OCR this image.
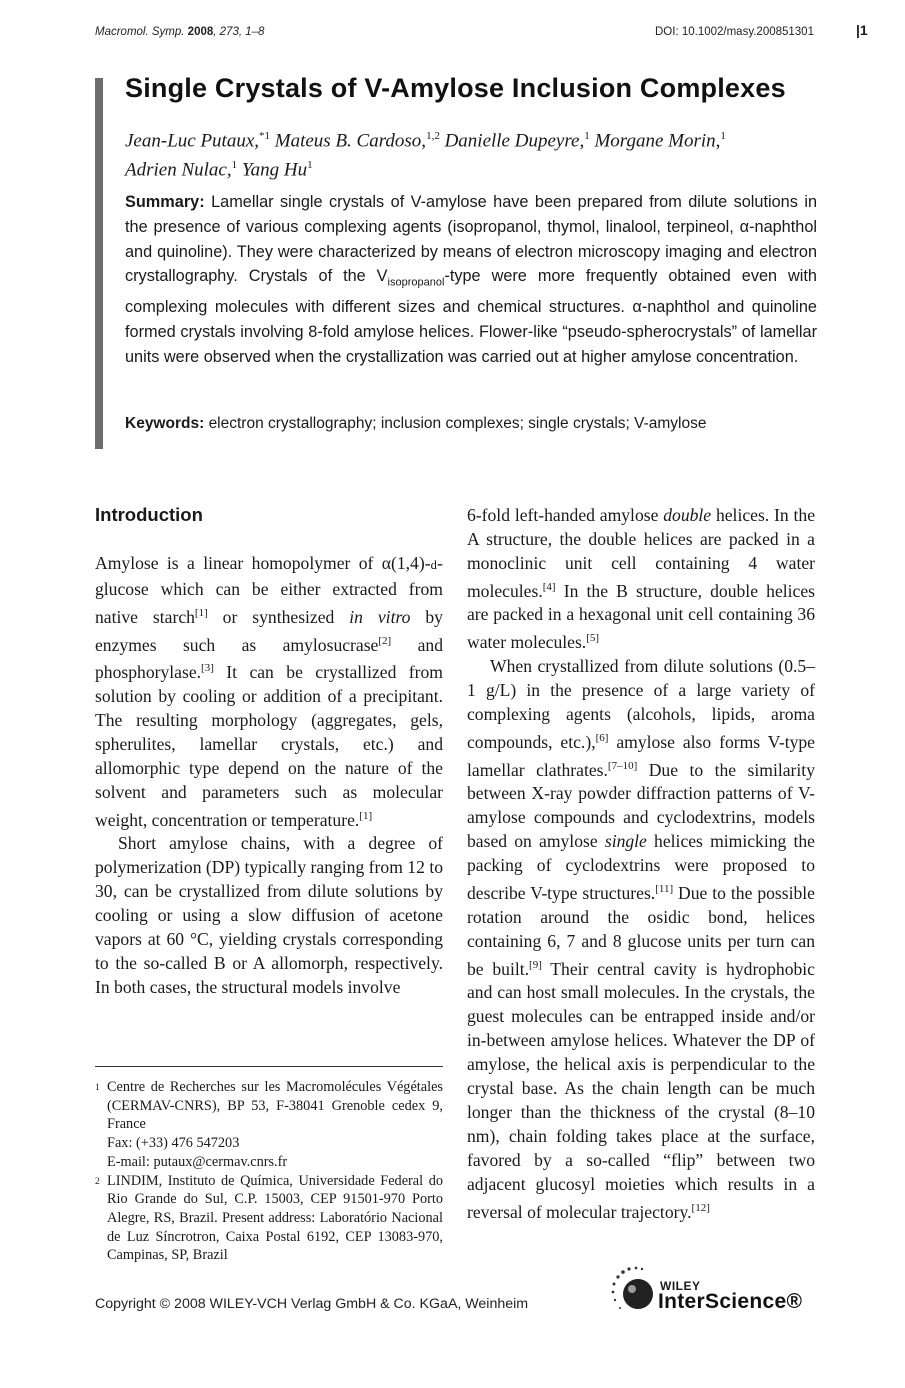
Macromol. Symp. 2008, 273, 1–8	DOI: 10.1002/masy.200851301	|1
Single Crystals of V-Amylose Inclusion Complexes
Jean-Luc Putaux,$^{*1}$ Mateus B. Cardoso,$^{1,2}$ Danielle Dupeyre,$^1$ Morgane Morin,$^1$
Adrien Nulac,$^1$ Yang Hu$^1$
Summary: Lamellar single crystals of V-amylose have been prepared from dilute solutions in the presence of various complexing agents (isopropanol, thymol, linalool, terpineol, α-naphthol and quinoline). They were characterized by means of electron microscopy imaging and electron crystallography. Crystals of the $V_{isopropanol}$-type were more frequently obtained even with complexing molecules with different sizes and chemical structures. α-naphthol and quinoline formed crystals involving 8-fold amylose helices. Flower-like “pseudo-spherocrystals” of lamellar units were observed when the crystallization was carried out at higher amylose concentration.
Keywords: electron crystallography; inclusion complexes; single crystals; V-amylose
Introduction

Amylose is a linear homopolymer of α(1,4)-d-glucose which can be either extracted from native starch[1] or synthesized in vitro by enzymes such as amylosucrase[2] and phosphorylase.[3] It can be crystallized from solution by cooling or addition of a precipitant. The resulting morphology (aggregates, gels, spherulites, lamellar crystals, etc.) and allomorphic type depend on the nature of the solvent and parameters such as molecular weight, concentration or temperature.[1]

Short amylose chains, with a degree of polymerization (DP) typically ranging from 12 to 30, can be crystallized from dilute solutions by cooling or using a slow diffusion of acetone vapors at 60 °C, yielding crystals corresponding to the so-called B or A allomorph, respectively. In both cases, the structural models involve

6-fold left-handed amylose double helices. In the A structure, the double helices are packed in a monoclinic unit cell containing 4 water molecules.[4] In the B structure, double helices are packed in a hexagonal unit cell containing 36 water molecules.[5]

When crystallized from dilute solutions (0.5–1 g/L) in the presence of a large variety of complexing agents (alcohols, lipids, aroma compounds, etc.),[6] amylose also forms V-type lamellar clathrates.[7–10] Due to the similarity between X-ray powder diffraction patterns of V-amylose compounds and cyclodextrins, models based on amylose single helices mimicking the packing of cyclodextrins were proposed to describe V-type structures.[11] Due to the possible rotation around the osidic bond, helices containing 6, 7 and 8 glucose units per turn can be built.[9] Their central cavity is hydrophobic and can host small molecules. In the crystals, the guest molecules can be entrapped inside and/or in-between amylose helices. Whatever the DP of amylose, the helical axis is perpendicular to the crystal base. As the chain length can be much longer than the thickness of the crystal (8–10 nm), chain folding takes place at the surface, favored by a so-called “flip” between two adjacent glucosyl moieties which results in a reversal of molecular trajectory.[12]

1 Centre de Recherches sur les Macromolécules Végétales (CERMAV-CNRS), BP 53, F-38041 Grenoble cedex 9, France
Fax: (+33) 476 547203
E-mail: putaux@cermav.cnrs.fr
2 LINDIM, Instituto de Química, Universidade Federal do Rio Grande do Sul, C.P. 15003, CEP 91501-970 Porto Alegre, RS, Brazil. Present address: Laboratório Nacional de Luz Síncrotron, Caixa Postal 6192, CEP 13083-970, Campinas, SP, Brazil
Copyright © 2008 WILEY-VCH Verlag GmbH & Co. KGaA, Weinheim
WILEY
InterScience®
